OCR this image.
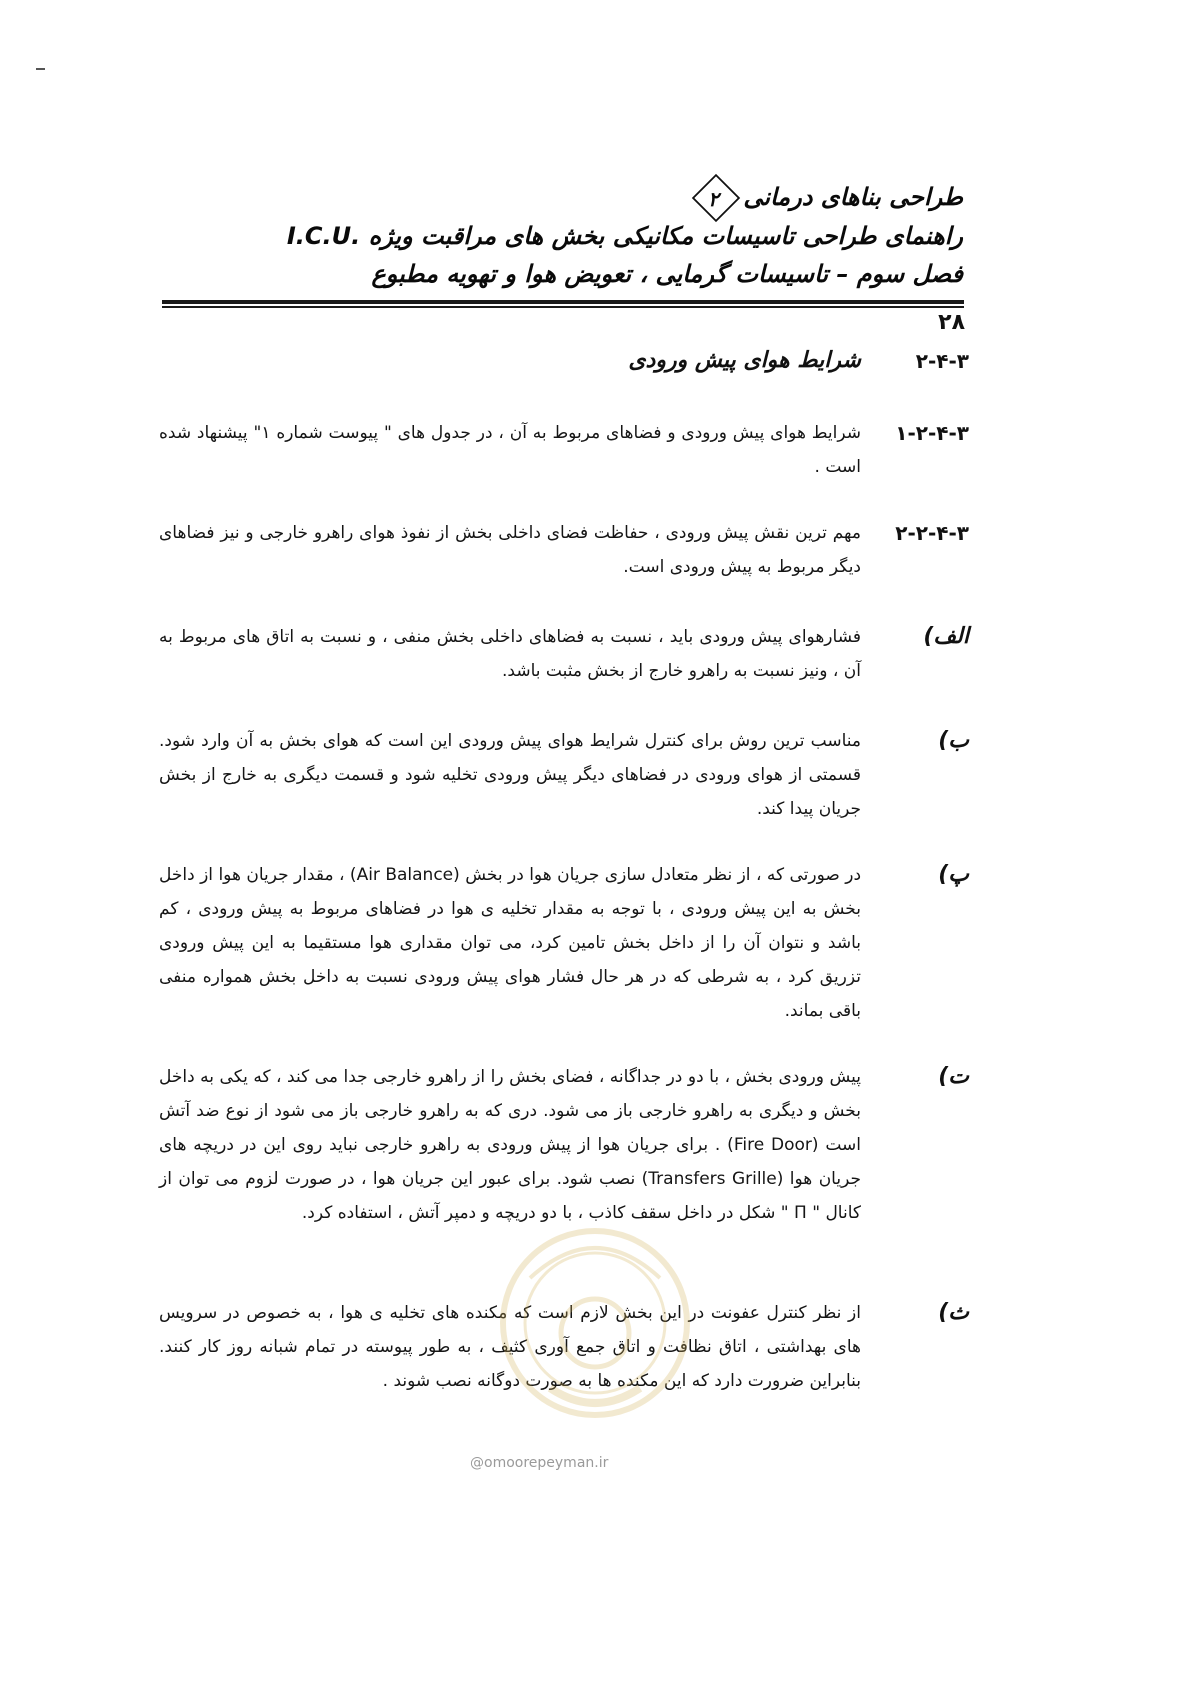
طراحی بناهای درمانی۲
راهنمای طراحی تاسیسات مکانیکی بخش های مراقبت ویژه .I.C.U
فصل سوم – تاسیسات گرمایی ، تعویض هوا و تهویه مطبوع
۲۸
۲-۴-۳
شرایط هوای پیش ورودی
۱-۲-۴-۳
شرایط هوای پیش ورودی و فضاهای مربوط به آن ، در جدول های " پیوست شماره ۱" پیشنهاد شده است .
۲-۲-۴-۳
مهم ترین نقش پیش ورودی ، حفاظت فضای داخلی بخش از نفوذ هوای راهرو خارجی و نیز فضاهای دیگر مربوط به پیش ورودی است.
الف)
فشارهوای پیش ورودی باید ، نسبت به فضاهای داخلی بخش منفی ، و نسبت به اتاق های مربوط به آن ، ونیز نسبت به راهرو خارج از بخش مثبت باشد.
ب)
مناسب ترین روش برای کنترل شرایط هوای پیش ورودی این است که هوای بخش به آن وارد شود. قسمتی از هوای ورودی در فضاهای دیگر پیش ورودی تخلیه شود و قسمت دیگری به خارج از بخش جریان پیدا کند.
پ)
در صورتی که ، از نظر متعادل سازی جریان هوا در بخش (Air Balance) ، مقدار جریان هوا از داخل بخش به این پیش ورودی ، با توجه به مقدار تخلیه ی هوا در فضاهای مربوط به پیش ورودی ، کم باشد و نتوان آن را از داخل بخش تامین کرد، می توان مقداری هوا مستقیما به این پیش ورودی تزریق کرد ، به شرطی که در هر حال فشار هوای پیش ورودی نسبت به داخل بخش همواره منفی باقی بماند.
ت)
پیش ورودی بخش ، با دو در جداگانه ، فضای بخش را از راهرو خارجی جدا می کند ، که یکی به داخل بخش و دیگری به راهرو خارجی باز می شود. دری که به راهرو خارجی باز می شود از نوع ضد آتش است (Fire Door) . برای جریان هوا از پیش ورودی به راهرو خارجی نباید روی این در دریچه های جریان هوا (Transfers Grille) نصب شود. برای عبور این جریان هوا ، در صورت لزوم می توان از کانال " Π " شکل در داخل سقف کاذب ، با دو دریچه و دمپر آتش ، استفاده کرد.
ث)
از نظر کنترل عفونت در این بخش لازم است که مکنده های تخلیه ی هوا ، به خصوص در سرویس های بهداشتی ، اتاق نظافت و اتاق جمع آوری کثیف ، به طور پیوسته در تمام شبانه روز کار کنند. بنابراین ضرورت دارد که این مکنده ها به صورت دوگانه نصب شوند .
@omoorepeyman.ir
